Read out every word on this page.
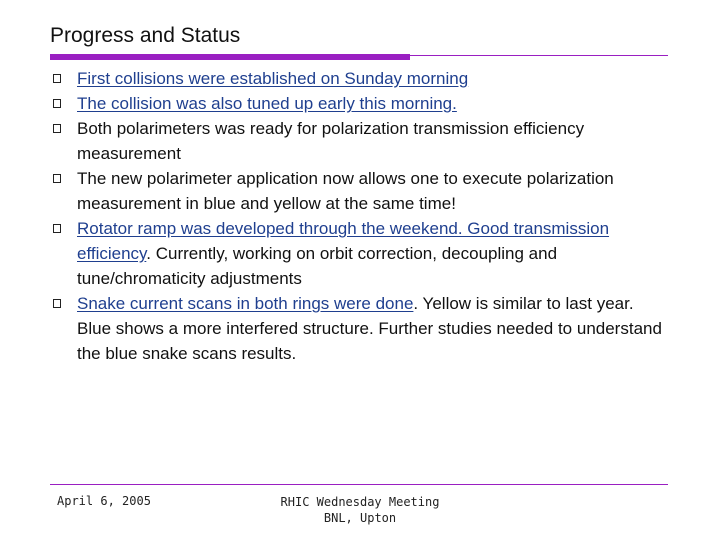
Progress and Status
First collisions were established on Sunday morning
The collision was also tuned up early this morning.
Both polarimeters was ready for polarization transmission efficiency measurement
The new polarimeter application now allows one to execute polarization measurement in blue and yellow at the same time!
Rotator ramp was developed through the weekend. Good transmission efficiency. Currently, working on orbit correction, decoupling and tune/chromaticity adjustments
Snake current scans in both rings were done. Yellow is similar to last year. Blue shows a more interfered structure. Further studies needed to understand the blue snake scans results.
April 6, 2005	RHIC Wednesday Meeting
BNL, Upton
